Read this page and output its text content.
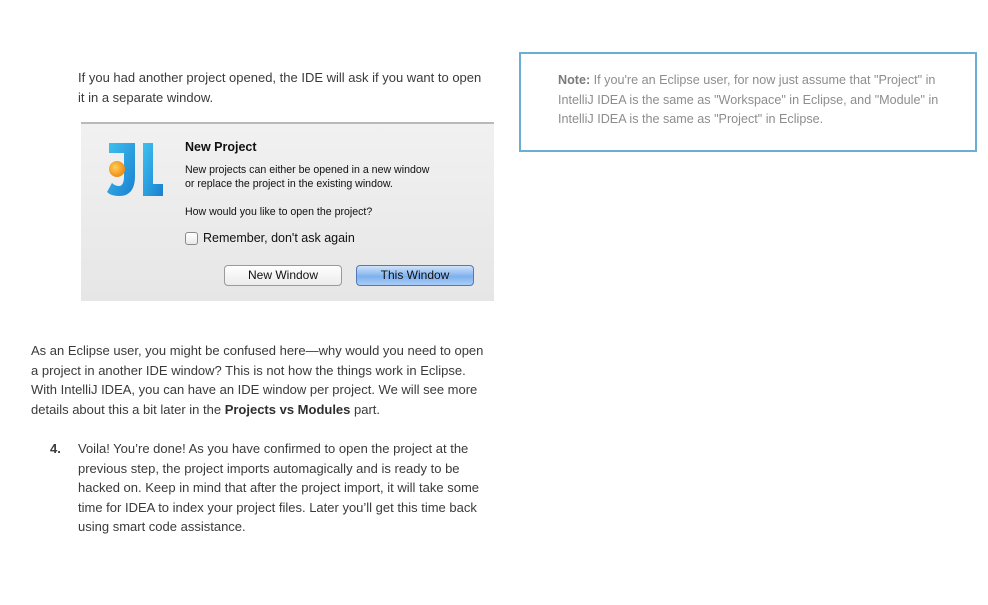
If you had another project opened, the IDE will ask if you want to open it in a separate window.

New Project
New projects can either be opened in a new window
or replace the project in the existing window.
How would you like to open the project?
Remember, don't ask again
New Window	This Window

Note: If you're an Eclipse user, for now just assume that "Project" in IntelliJ IDEA is the same as "Workspace" in Eclipse, and "Module" in IntelliJ IDEA is the same as "Project" in Eclipse.

As an Eclipse user, you might be confused here—why would you need to open a project in another IDE window? This is not how the things work in Eclipse. With IntelliJ IDEA, you can have an IDE window per project. We will see more details about this a bit later in the Projects vs Modules part.

4. Voila! You’re done! As you have confirmed to open the project at the previous step, the project imports automagically and is ready to be hacked on. Keep in mind that after the project import, it will take some time for IDEA to index your project files. Later you’ll get this time back using smart code assistance.
